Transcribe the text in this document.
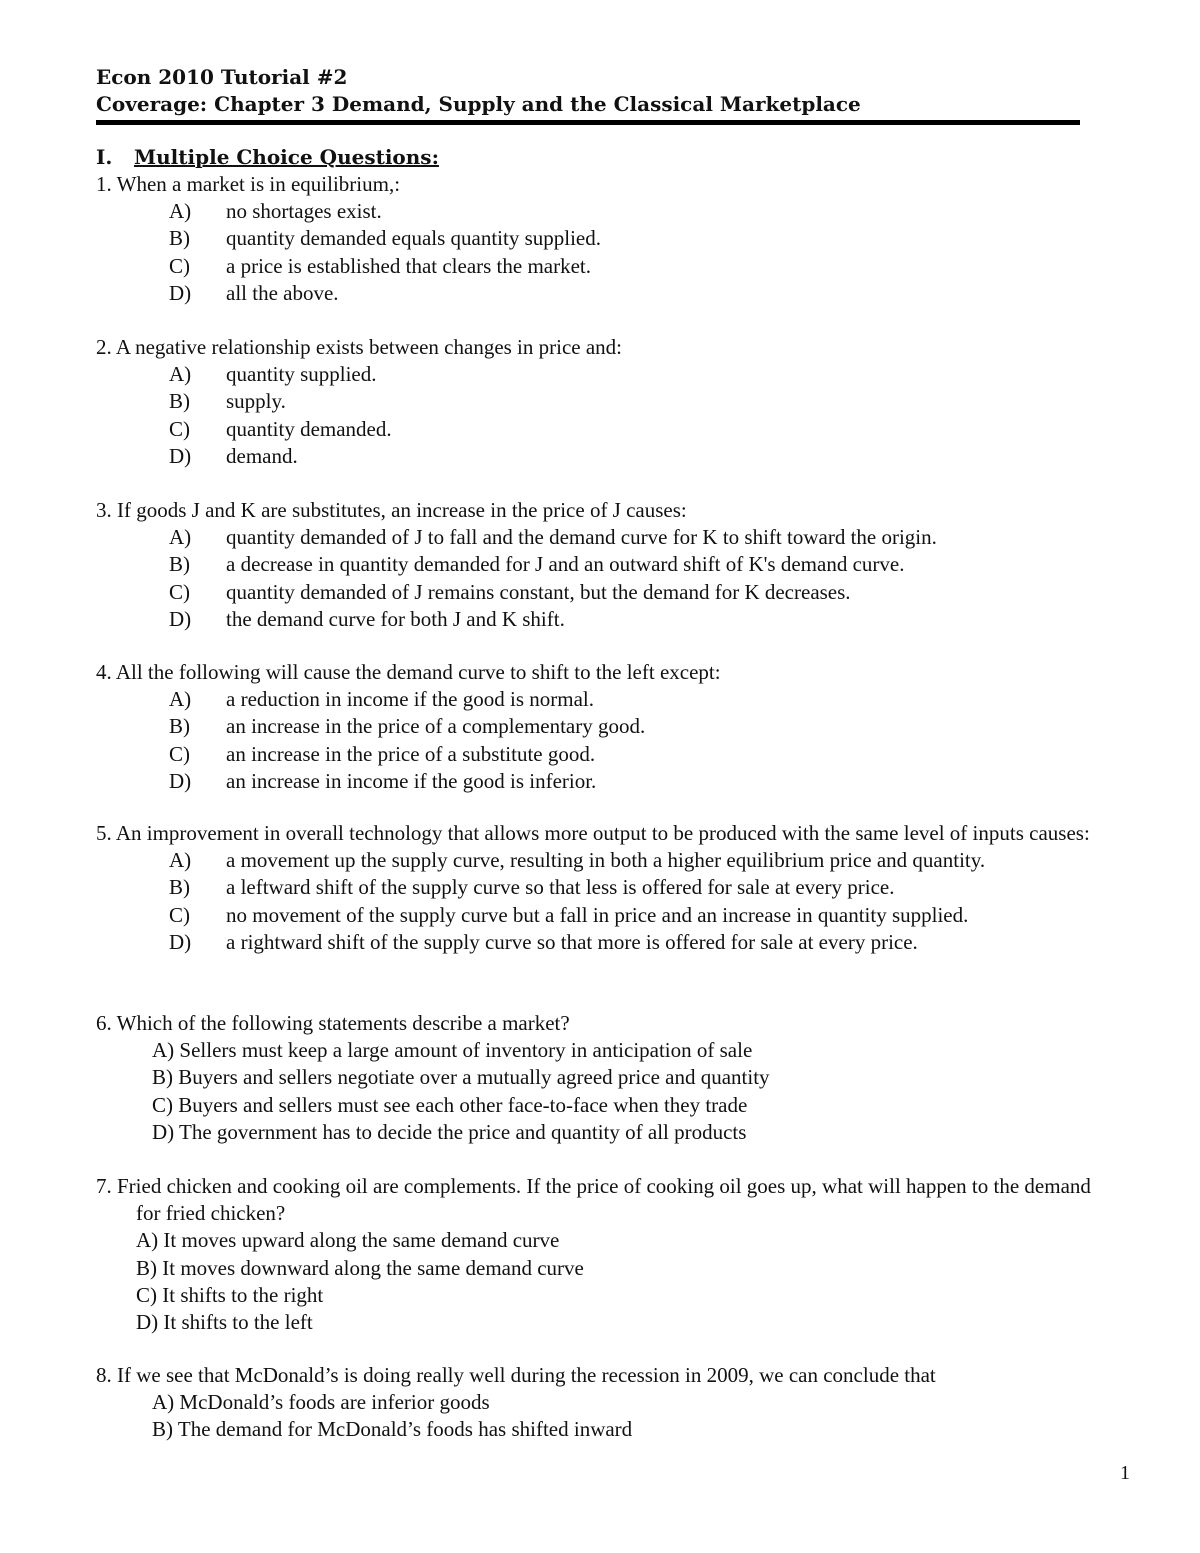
Econ 2010 Tutorial #2
Coverage: Chapter 3 Demand, Supply and the Classical Marketplace
I. Multiple Choice Questions:
1. When a market is in equilibrium,:
A)	no shortages exist.
B)	quantity demanded equals quantity supplied.
C)	a price is established that clears the market.
D)	all the above.
2. A negative relationship exists between changes in price and:
A)	quantity supplied.
B)	supply.
C)	quantity demanded.
D)	demand.
3. If goods J and K are substitutes, an increase in the price of J causes:
A)	quantity demanded of J to fall and the demand curve for K to shift toward the origin.
B)	a decrease in quantity demanded for J and an outward shift of K's demand curve.
C)	quantity demanded of J remains constant, but the demand for K decreases.
D)	the demand curve for both J and K shift.
4. All the following will cause the demand curve to shift to the left except:
A)	a reduction in income if the good is normal.
B)	an increase in the price of a complementary good.
C)	an increase in the price of a substitute good.
D)	an increase in income if the good is inferior.
5. An improvement in overall technology that allows more output to be produced with the same level of inputs causes:
A)	a movement up the supply curve, resulting in both a higher equilibrium price and quantity.
B)	a leftward shift of the supply curve so that less is offered for sale at every price.
C)	no movement of the supply curve but a fall in price and an increase in quantity supplied.
D)	a rightward shift of the supply curve so that more is offered for sale at every price.
6. Which of the following statements describe a market?
A) Sellers must keep a large amount of inventory in anticipation of sale
B) Buyers and sellers negotiate over a mutually agreed price and quantity
C) Buyers and sellers must see each other face-to-face when they trade
D) The government has to decide the price and quantity of all products
7. Fried chicken and cooking oil are complements. If the price of cooking oil goes up, what will happen to the demand for fried chicken?
A) It moves upward along the same demand curve
B) It moves downward along the same demand curve
C) It shifts to the right
D) It shifts to the left
8. If we see that McDonald’s is doing really well during the recession in 2009, we can conclude that
A) McDonald’s foods are inferior goods
B) The demand for McDonald’s foods has shifted inward
1
